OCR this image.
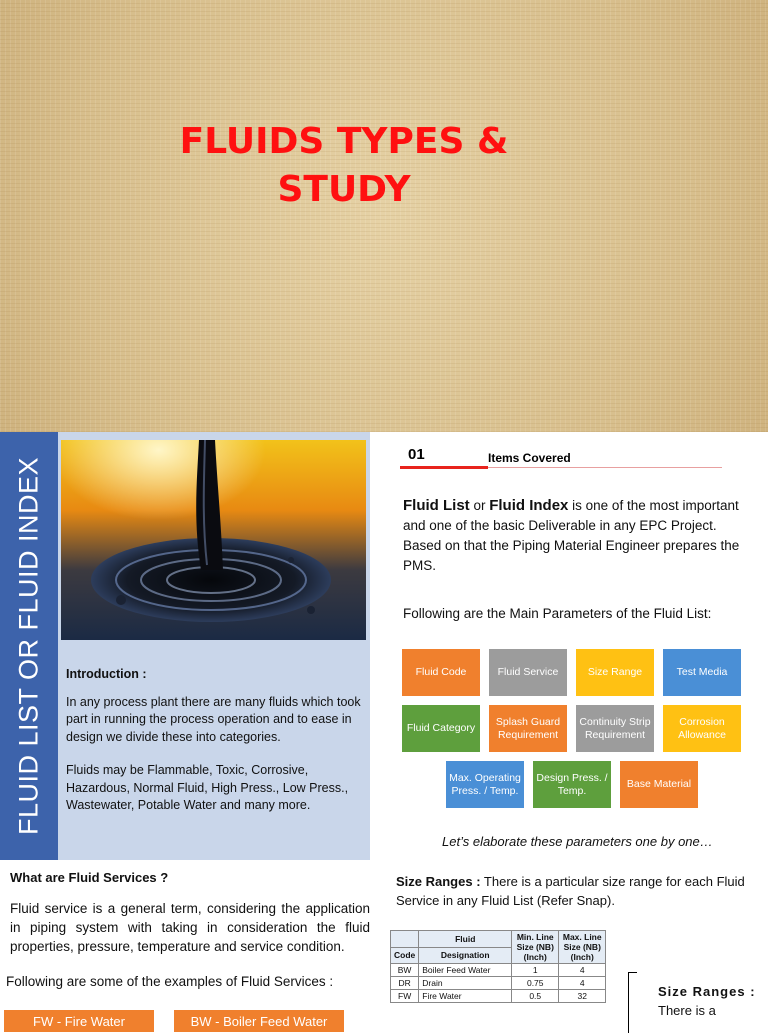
FLUIDS TYPES &
STUDY
FLUID LIST OR FLUID INDEX Introduction :

In any process plant there are many fluids which took part in running the process operation and to ease in design we divide these into categories.

Fluids may be Flammable, Toxic, Corrosive, Hazardous, Normal Fluid, High Press., Low Press., Wastewater, Potable Water and many more.

01	Items Covered
Fluid List or Fluid Index is one of the most important and one of the basic Deliverable in any EPC Project. Based on that the Piping Material Engineer prepares the PMS.
Following are the Main Parameters of the Fluid List:
Fluid Code	Fluid Service	Size Range	Test Media
Fluid Category
Splash Guard Requirement
Continuity Strip Requirement
Corrosion Allowance
Max. Operating Press. / Temp.
Design Press. / Temp.
Base Material
Let’s elaborate these parameters one by one…
What are Fluid Services ?
Fluid service is a general term, considering the application in piping system with taking in consideration the fluid properties, pressure, temperature and service condition.
Following are some of the examples of Fluid Services :
FW - Fire Water	BW - Boiler Feed Water
Size Ranges : There is a particular size range for each Fluid Service in any Fluid List (Refer Snap).
	Fluid	Min. Line Size (NB) (Inch)	Max. Line Size (NB) (Inch)
Code	Designation		
BW	Boiler Feed Water	1	4
DR	Drain	0.75	4
FW	Fire Water	0.5	32	Size Ranges :
There is a
